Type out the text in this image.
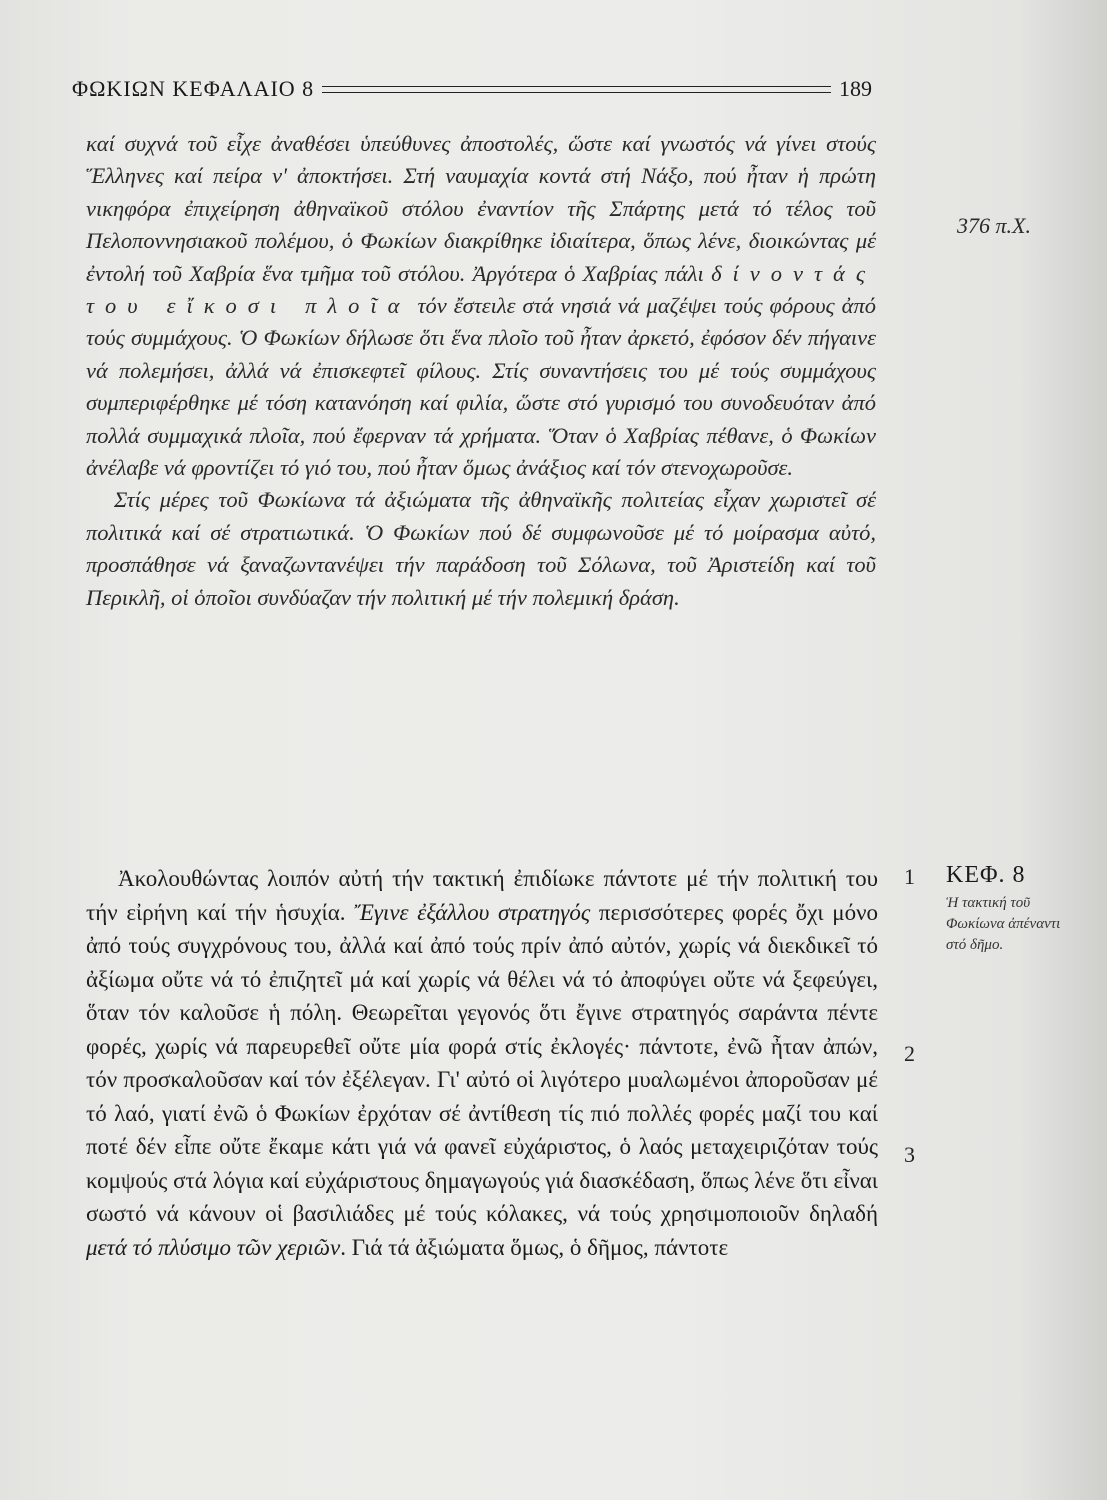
ΦΩΚΙΩΝ ΚΕΦΑΛΑΙΟ 8	189

καί συχνά τοῦ εἶχε ἀναθέσει ὑπεύθυνες ἀποστολές, ὥστε καί γνωστός νά γίνει στούς Ἕλληνες καί πείρα ν' ἀποκτήσει. Στή ναυμαχία κοντά στή Νάξο, πού ἦταν ἡ πρώτη νικηφόρα ἐπιχείρηση ἀθηναϊκοῦ στόλου ἐναντίον τῆς Σπάρτης μετά τό τέλος τοῦ Πελοποννησιακοῦ πολέμου, ὁ Φωκίων διακρίθηκε ἰδιαίτερα, ὅπως λένε, διοικώντας μέ ἐντολή τοῦ Χαβρία ἕνα τμῆμα τοῦ στόλου. Ἀργότερα ὁ Χαβρίας πάλι δίνοντάς του εἴκοσι πλοῖα τόν ἔστειλε στά νησιά νά μαζέψει τούς φόρους ἀπό τούς συμμάχους. Ὁ Φωκίων δήλωσε ὅτι ἕνα πλοῖο τοῦ ἦταν ἀρκετό, ἐφόσον δέν πήγαινε νά πολεμήσει, ἀλλά νά ἐπισκεφτεῖ φίλους. Στίς συναντήσεις του μέ τούς συμμάχους συμπεριφέρθηκε μέ τόση κατανόηση καί φιλία, ὥστε στό γυρισμό του συνοδευόταν ἀπό πολλά συμμαχικά πλοῖα, πού ἔφερναν τά χρήματα. Ὅταν ὁ Χαβρίας πέθανε, ὁ Φωκίων ἀνέλαβε νά φροντίζει τό γιό του, πού ἦταν ὅμως ἀνάξιος καί τόν στενοχωροῦσε.

Στίς μέρες τοῦ Φωκίωνα τά ἀξιώματα τῆς ἀθηναϊκῆς πολιτείας εἶχαν χωριστεῖ σέ πολιτικά καί σέ στρατιωτικά. Ὁ Φωκίων πού δέ συμφωνοῦσε μέ τό μοίρασμα αὐτό, προσπάθησε νά ξαναζωντανέψει τήν παράδοση τοῦ Σόλωνα, τοῦ Ἀριστείδη καί τοῦ Περικλῆ, οἱ ὁποῖοι συνδύαζαν τήν πολιτική μέ τήν πολεμική δράση.

376 π.Χ.

Ἀκολουθώντας λοιπόν αὐτή τήν τακτική ἐπιδίωκε πάντοτε μέ τήν πολιτική του τήν εἰρήνη καί τήν ἡσυχία. Ἔγινε ἐξάλλου στρατηγός περισσότερες φορές ὄχι μόνο ἀπό τούς συγχρόνους του, ἀλλά καί ἀπό τούς πρίν ἀπό αὐτόν, χωρίς νά διεκδικεῖ τό ἀξίωμα οὔτε νά τό ἐπιζητεῖ μά καί χωρίς νά θέλει νά τό ἀποφύγει οὔτε νά ξεφεύγει, ὅταν τόν καλοῦσε ἡ πόλη. Θεωρεῖται γεγονός ὅτι ἔγινε στρατηγός σαράντα πέντε φορές, χωρίς νά παρευρεθεῖ οὔτε μία φορά στίς ἐκλογές· πάντοτε, ἐνῶ ἦταν ἀπών, τόν προσκαλοῦσαν καί τόν ἐξέλεγαν. Γι' αὐτό οἱ λιγότερο μυαλωμένοι ἀποροῦσαν μέ τό λαό, γιατί ἐνῶ ὁ Φωκίων ἐρχόταν σέ ἀντίθεση τίς πιό πολλές φορές μαζί του καί ποτέ δέν εἶπε οὔτε ἔκαμε κάτι γιά νά φανεῖ εὐχάριστος, ὁ λαός μεταχειριζόταν τούς κομψούς στά λόγια καί εὐχάριστους δημαγωγούς γιά διασκέδαση, ὅπως λένε ὅτι εἶναι σωστό νά κάνουν οἱ βασιλιάδες μέ τούς κόλακες, νά τούς χρησιμοποιοῦν δηλαδή μετά τό πλύσιμο τῶν χεριῶν. Γιά τά ἀξιώματα ὅμως, ὁ δῆμος, πάντοτε

1
2
3
ΚΕΦ. 8
Ἡ τακτική τοῦ Φωκίωνα ἀπέναντι στό δῆμο.
